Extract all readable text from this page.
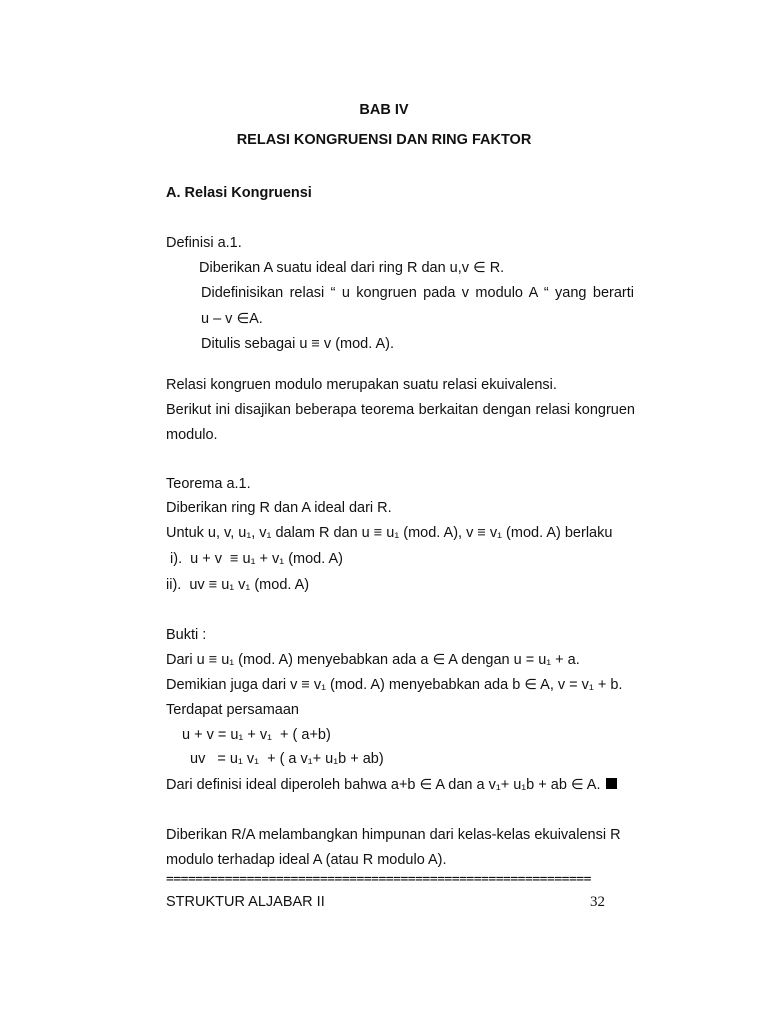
BAB IV
RELASI KONGRUENSI DAN RING FAKTOR
A. Relasi Kongruensi
Definisi a.1.
Diberikan A suatu ideal dari ring R dan u,v ∈ R.
Didefinisikan relasi “ u kongruen pada v modulo A “ yang berarti
u – v ∈A.
Ditulis sebagai u ≡ v (mod. A).
Relasi kongruen modulo merupakan suatu relasi ekuivalensi.
Berikut ini disajikan beberapa teorema berkaitan dengan relasi kongruen
modulo.
Teorema a.1.
Diberikan ring R dan A ideal dari R.
Untuk u, v, u₁, v₁ dalam R dan u ≡ u₁ (mod. A), v ≡ v₁ (mod. A) berlaku
i).  u + v  ≡ u₁ + v₁ (mod. A)
ii).  uv ≡ u₁ v₁ (mod. A)
Bukti :
Dari u ≡ u₁ (mod. A) menyebabkan ada a ∈ A dengan u = u₁ + a.
Demikian juga dari v ≡ v₁ (mod. A) menyebabkan ada b ∈ A, v = v₁ + b.
Terdapat persamaan
u + v = u₁ + v₁  + ( a+b)
uv   = u₁ v₁  + ( a v₁+ u₁b + ab)
Dari definisi ideal diperoleh bahwa a+b ∈ A dan a v₁+ u₁b + ab ∈ A.
Diberikan R/A melambangkan himpunan dari kelas-kelas ekuivalensi R
modulo terhadap ideal A (atau R modulo A).
==========================================================
STRUKTUR ALJABAR II	32
